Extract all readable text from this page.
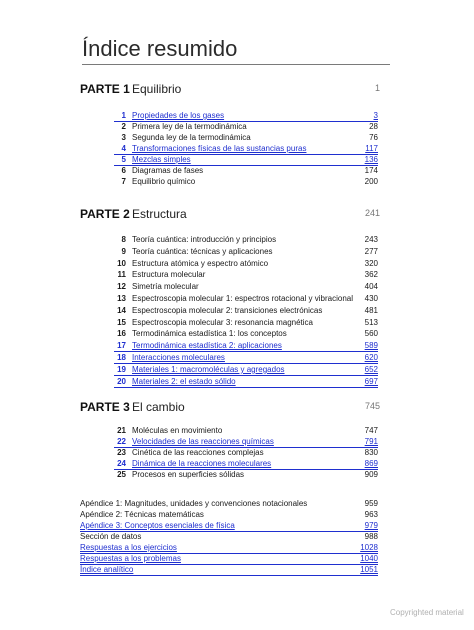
Índice resumido
PARTE 1 Equilibrio	1
1 Propiedades de los gases	3
2 Primera ley de la termodinámica	28
3 Segunda ley de la termodinámica	76
4 Transformaciones físicas de las sustancias puras	117
5 Mezclas simples	136
6 Diagramas de fases	174
7 Equilibrio químico	200
PARTE 2 Estructura	241
8 Teoría cuántica: introducción y principios	243
9 Teoría cuántica: técnicas y aplicaciones	277
10 Estructura atómica y espectro atómico	320
11 Estructura molecular	362
12 Simetría molecular	404
13 Espectroscopia molecular 1: espectros rotacional y vibracional 430
14 Espectroscopia molecular 2: transiciones electrónicas	481
15 Espectroscopia molecular 3: resonancia magnética	513
16 Termodinámica estadística 1: los conceptos	560
17 Termodinámica estadística 2: aplicaciones	589
18 Interacciones moleculares	620
19 Materiales 1: macromoléculas y agregados	652
20 Materiales 2: el estado sólido	697
PARTE 3 El cambio	745
21 Moléculas en movimiento	747
22 Velocidades de las reacciones químicas	791
23 Cinética de las reacciones complejas	830
24 Dinámica de la reacciones moleculares	869
25 Procesos en superficies sólidas	909
Apéndice 1: Magnitudes, unidades y convenciones notacionales	959
Apéndice 2: Técnicas matemáticas	963
Apéndice 3: Conceptos esenciales de física	979
Sección de datos	988
Respuestas a los ejercicios	1028
Respuestas a los problemas	1040
Índice analítico	1051
Copyrighted material
